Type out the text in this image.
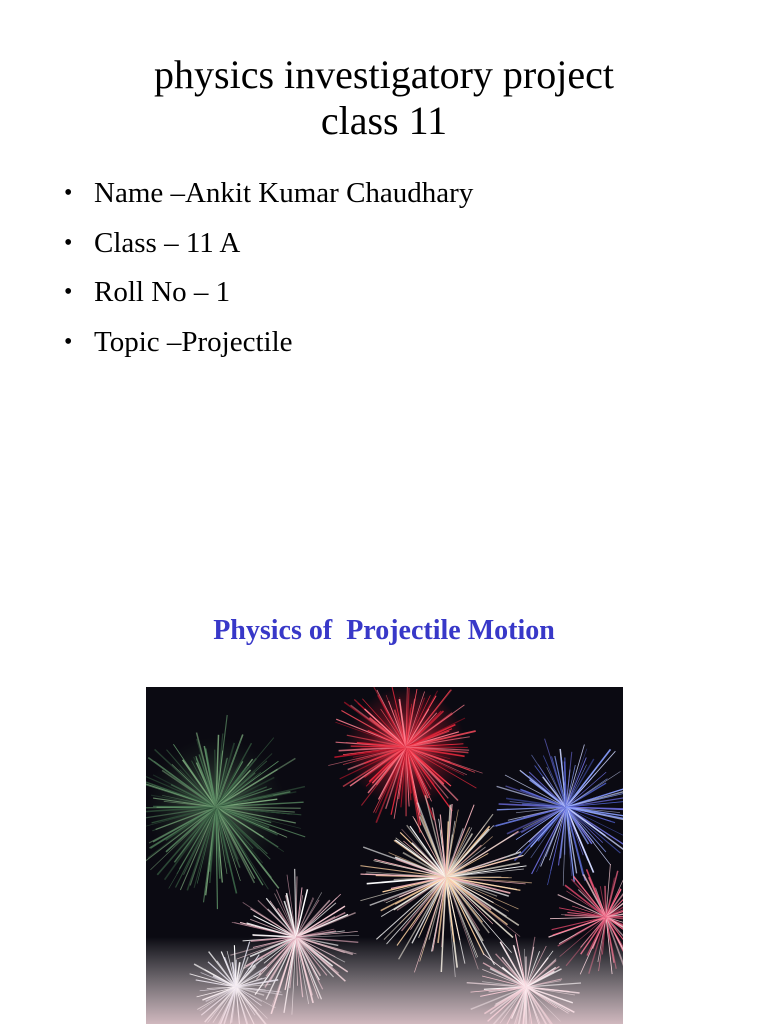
physics investigatory project
class 11
• Name –Ankit Kumar Chaudhary
• Class – 11 A
• Roll No – 1
• Topic –Projectile
Physics of  Projectile Motion
